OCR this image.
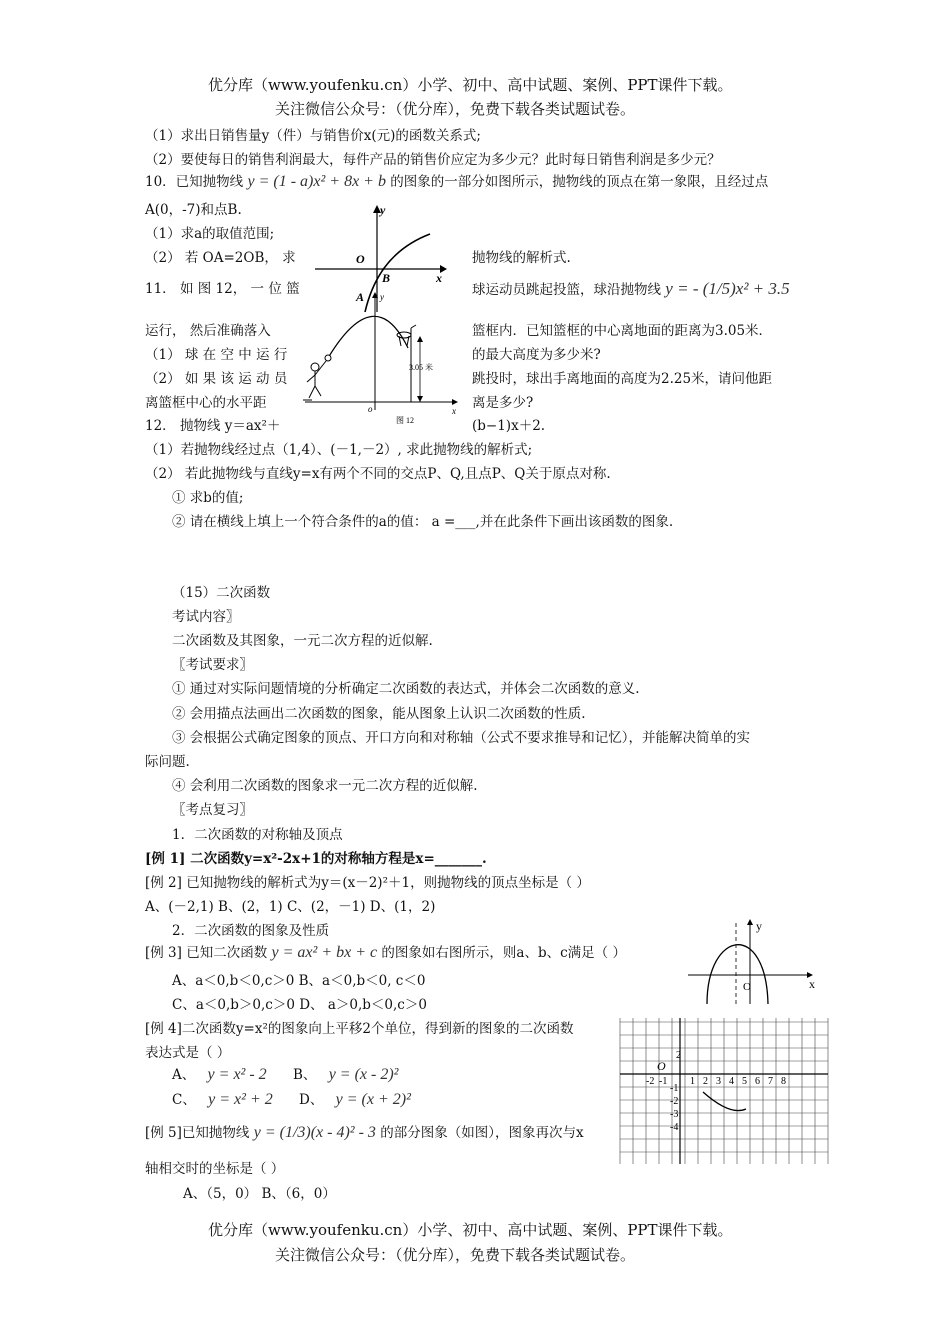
优分库（www.youfenku.cn）小学、初中、高中试题、案例、PPT课件下载。
关注微信公众号：（优分库），免费下载各类试题试卷。
（1）求出日销售量y（件）与销售价x(元)的函数关系式;
（2）要使每日的销售利润最大，每件产品的销售价应定为多少元？此时每日销售利润是多少元？
10．已知抛物线 y = (1 - a)x² + 8x + b 的图象的一部分如图所示，抛物线的顶点在第一象限，且经过点
A(0，-7)和点B.
（1）求a的取值范围;
（2） 若 OA=2OB， 求	抛物线的解析式.
11． 如 图 12， 一 位 篮	球运动员跳起投篮，球沿抛物线 y = - (1/5)x² + 3.5
运行， 然后准确落入	篮框内．已知篮框的中心离地面的距离为3.05米．
（1） 球 在 空 中 运 行	的最大高度为多少米?
（2） 如 果 该 运 动 员	跳投时，球出手离地面的高度为2.25米，请问他距
离篮框中心的水平距	离是多少?
12． 抛物线 y＝ax²＋	(b−1)x＋2.
（1）若抛物线经过点（1,4）、(－1,－2）, 求此抛物线的解析式;
（2） 若此抛物线与直线y=x有两个不同的交点P、Q,且点P、Q关于原点对称.
① 求b的值;
② 请在横线上填上一个符合条件的a的值： a =___,并在此条件下画出该函数的图象.
y
x
O
B
A
3.05 米
y
x
o
图 12
（15）二次函数
考试内容〗
二次函数及其图象，一元二次方程的近似解.
〖考试要求〗
① 通过对实际问题情境的分析确定二次函数的表达式，并体会二次函数的意义.
② 会用描点法画出二次函数的图象，能从图象上认识二次函数的性质.
③ 会根据公式确定图象的顶点、开口方向和对称轴（公式不要求推导和记忆），并能解决简单的实
际问题.
④ 会利用二次函数的图象求一元二次方程的近似解.
〖考点复习〗
1．二次函数的对称轴及顶点
[例 1] 二次函数y=x²-2x+1的对称轴方程是x=_______.
[例 2] 已知抛物线的解析式为y＝(x－2)²＋1，则抛物线的顶点坐标是（ ）
A、(－2,1) B、(2，1) C、(2，－1) D、(1，2)
2．二次函数的图象及性质
[例 3] 已知二次函数 y = ax² + bx + c 的图象如右图所示，则a、b、c满足（ ）
A、a＜0,b＜0,c＞0 B、a＜0,b＜0, c＜0
C、a＜0,b＞0,c＞0 D、 a＞0,b＜0,c＞0
[例 4]二次函数y=x²的图象向上平移2个单位，得到新的图象的二次函数
表达式是（ ）
A、 y = x² - 2 B、 y = (x - 2)²
C、 y = x² + 2 D、 y = (x + 2)²
[例 5]已知抛物线 y = (1/3)(x - 4)² - 3 的部分图象（如图），图象再次与x
轴相交时的坐标是（ ）
A、（5，0） B、（6，0）
y
x
O
O
2
-2 -1 1 2 3 4 5 6 7 8
-1
-2
-3
-4
优分库（www.youfenku.cn）小学、初中、高中试题、案例、PPT课件下载。
关注微信公众号：（优分库），免费下载各类试题试卷。
